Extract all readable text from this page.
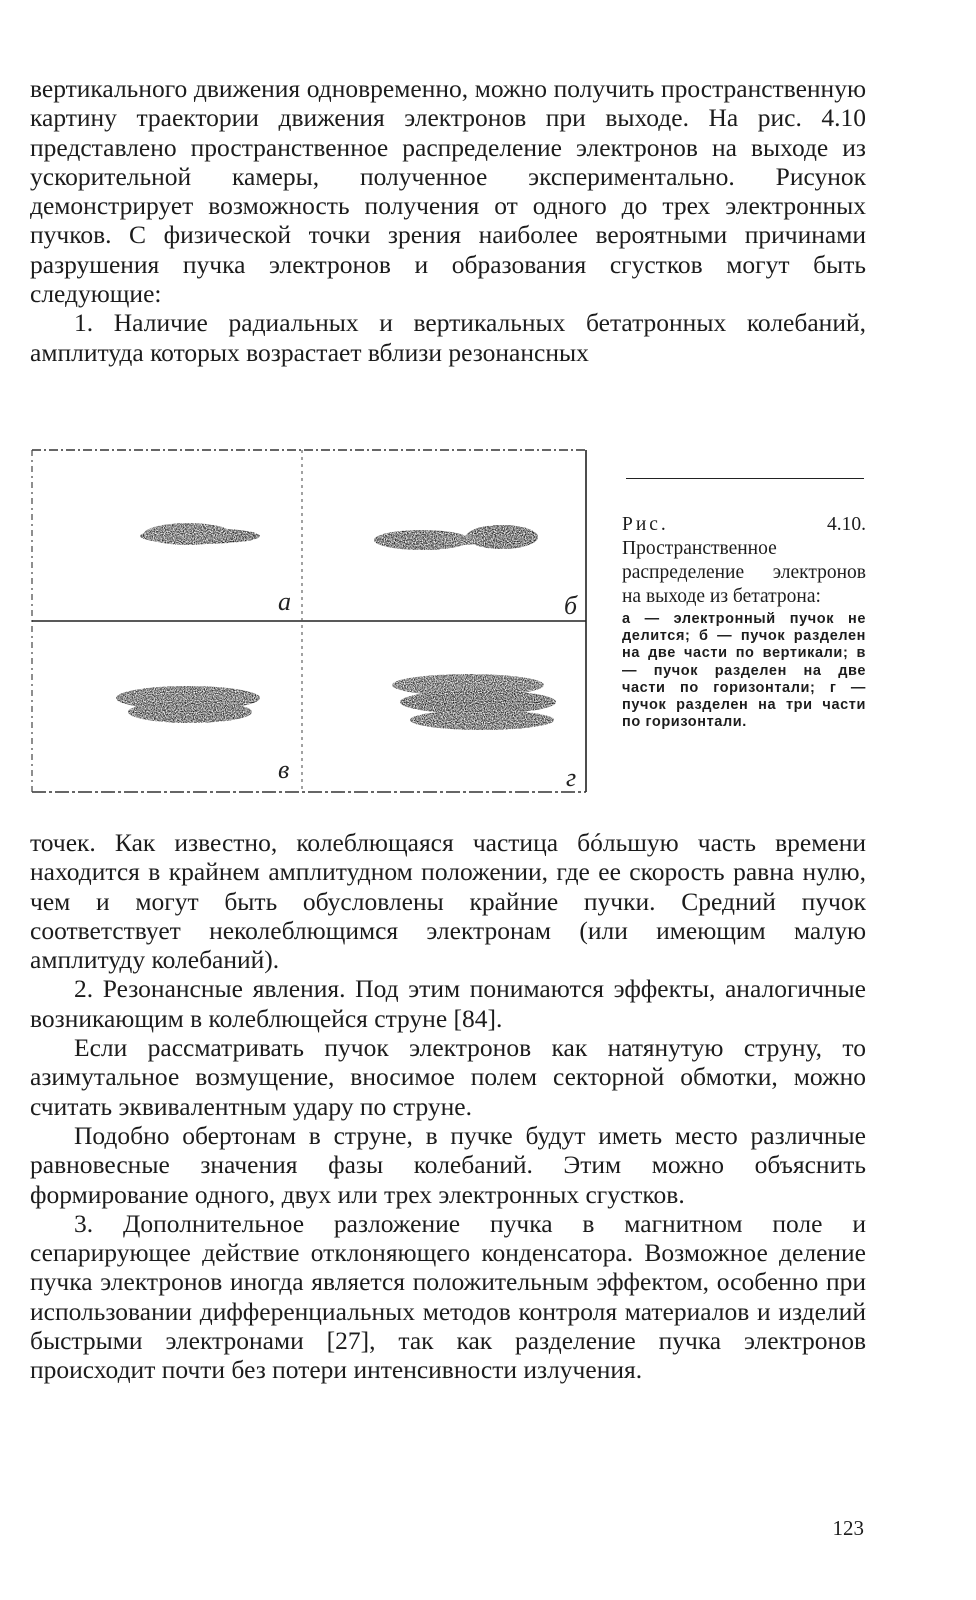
вертикального движения одновременно, можно получить пространственную картину траектории движения электронов при выходе. На рис. 4.10 представлено пространственное распределение электронов на выходе из ускорительной камеры, полученное экспериментально. Рисунок демонстрирует возможность получения от одного до трех электронных пучков. С физической точки зрения наиболее вероятными причинами разрушения пучка электронов и образования сгустков могут быть следующие:

1. Наличие радиальных и вертикальных бетатронных колебаний, амплитуда которых возрастает вблизи резонансных

а	б
в	г

Рис. 4.10. Пространственное распределение электронов на выходе из бетатрона:

а — электронный пучок не делится; б — пучок разделен на две части по вертикали; в — пучок разделен на две части по горизонтали; г — пучок разделен на три части по горизонтали.

точек. Как известно, колеблющаяся частица бóльшую часть времени находится в крайнем амплитудном положении, где ее скорость равна нулю, чем и могут быть обусловлены крайние пучки. Средний пучок соответствует неколеблющимся электронам (или имеющим малую амплитуду колебаний).

2. Резонансные явления. Под этим понимаются эффекты, аналогичные возникающим в колеблющейся струне [84].

Если рассматривать пучок электронов как натянутую струну, то азимутальное возмущение, вносимое полем секторной обмотки, можно считать эквивалентным удару по струне.

Подобно обертонам в струне, в пучке будут иметь место различные равновесные значения фазы колебаний. Этим можно объяснить формирование одного, двух или трех электронных сгустков.

3. Дополнительное разложение пучка в магнитном поле и сепарирующее действие отклоняющего конденсатора. Возможное деление пучка электронов иногда является положительным эффектом, особенно при использовании дифференциальных методов контроля материалов и изделий быстрыми электронами [27], так как разделение пучка электронов происходит почти без потери интенсивности излучения.

123
